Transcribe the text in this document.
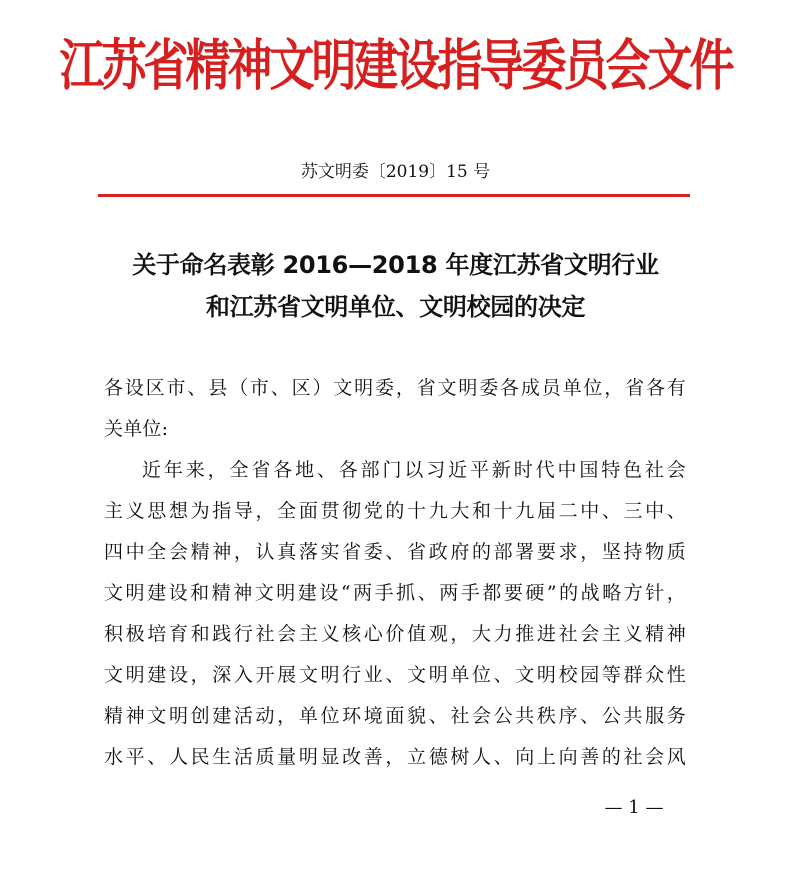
江苏省精神文明建设指导委员会文件
苏文明委〔2019〕15 号
关于命名表彰 2016—2018 年度江苏省文明行业
和江苏省文明单位、文明校园的决定
各设区市、县（市、区）文明委，省文明委各成员单位，省各有
关单位:
近年来，全省各地、各部门以习近平新时代中国特色社会
主义思想为指导，全面贯彻党的十九大和十九届二中、三中、
四中全会精神，认真落实省委、省政府的部署要求，坚持物质
文明建设和精神文明建设“两手抓、两手都要硬”的战略方针，
积极培育和践行社会主义核心价值观，大力推进社会主义精神
文明建设，深入开展文明行业、文明单位、文明校园等群众性
精神文明创建活动，单位环境面貌、社会公共秩序、公共服务
水平、人民生活质量明显改善，立德树人、向上向善的社会风
— 1 —
